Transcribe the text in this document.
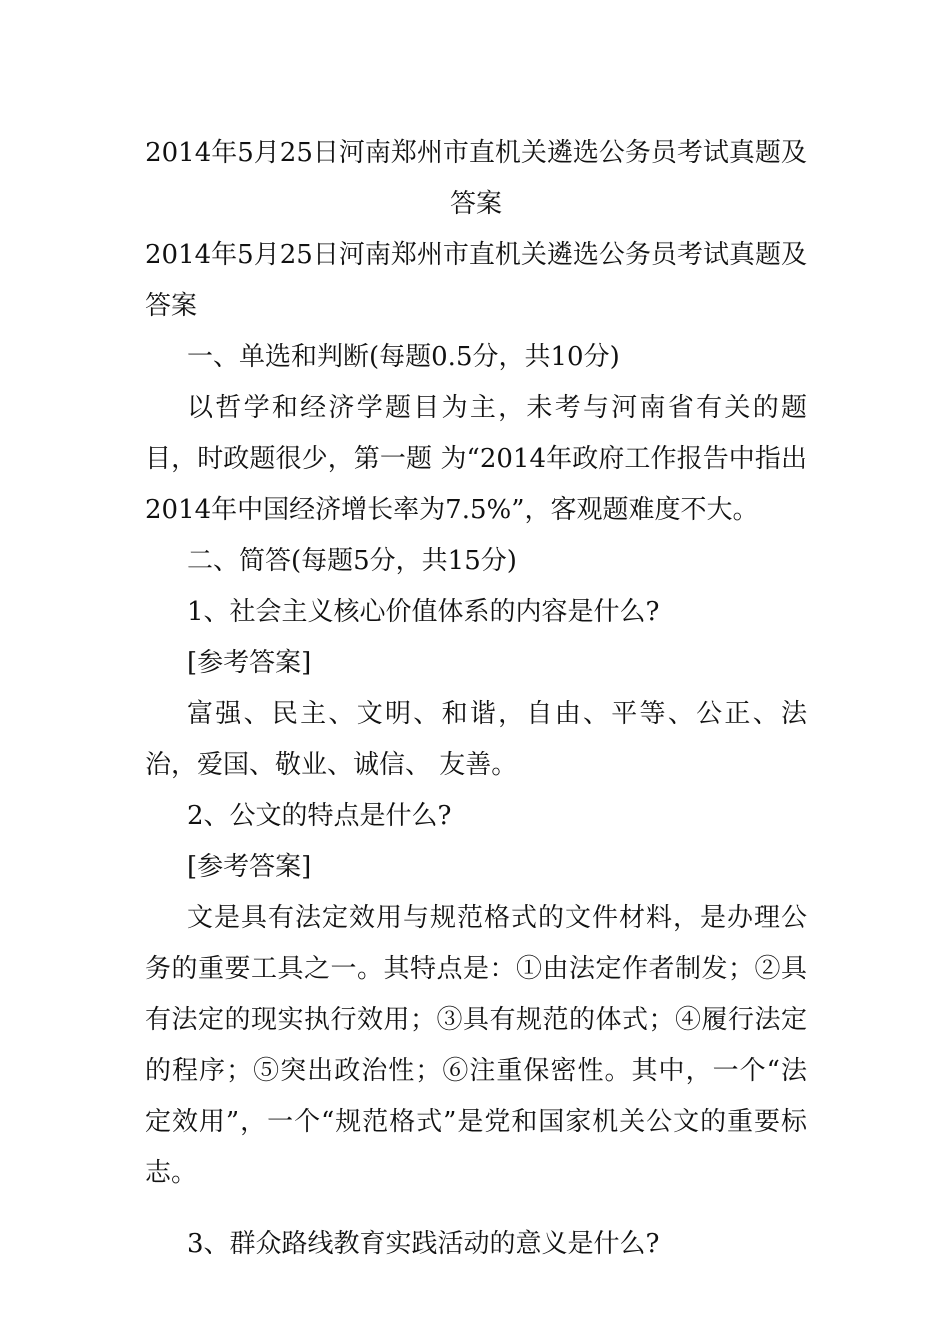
2014年5月25日河南郑州市直机关遴选公务员考试真题及答案

2014年5月25日河南郑州市直机关遴选公务员考试真题及答案

一、单选和判断(每题0.5分，共10分)

以哲学和经济学题目为主，未考与河南省有关的题目，时政题很少，第一题 为“2014年政府工作报告中指出2014年中国经济增长率为7.5%”，客观题难度不大。

二、简答(每题5分，共15分)

1、社会主义核心价值体系的内容是什么?

[参考答案]

富强、民主、文明、和谐，自由、平等、公正、法治，爱国、敬业、诚信、 友善。

2、公文的特点是什么?

[参考答案]

文是具有法定效用与规范格式的文件材料，是办理公务的重要工具之一。其特点是：①由法定作者制发；②具有法定的现实执行效用；③具有规范的体式；④履行法定的程序；⑤突出政治性；⑥注重保密性。其中，一个“法定效用”，一个“规范格式”是党和国家机关公文的重要标志。

3、群众路线教育实践活动的意义是什么?
